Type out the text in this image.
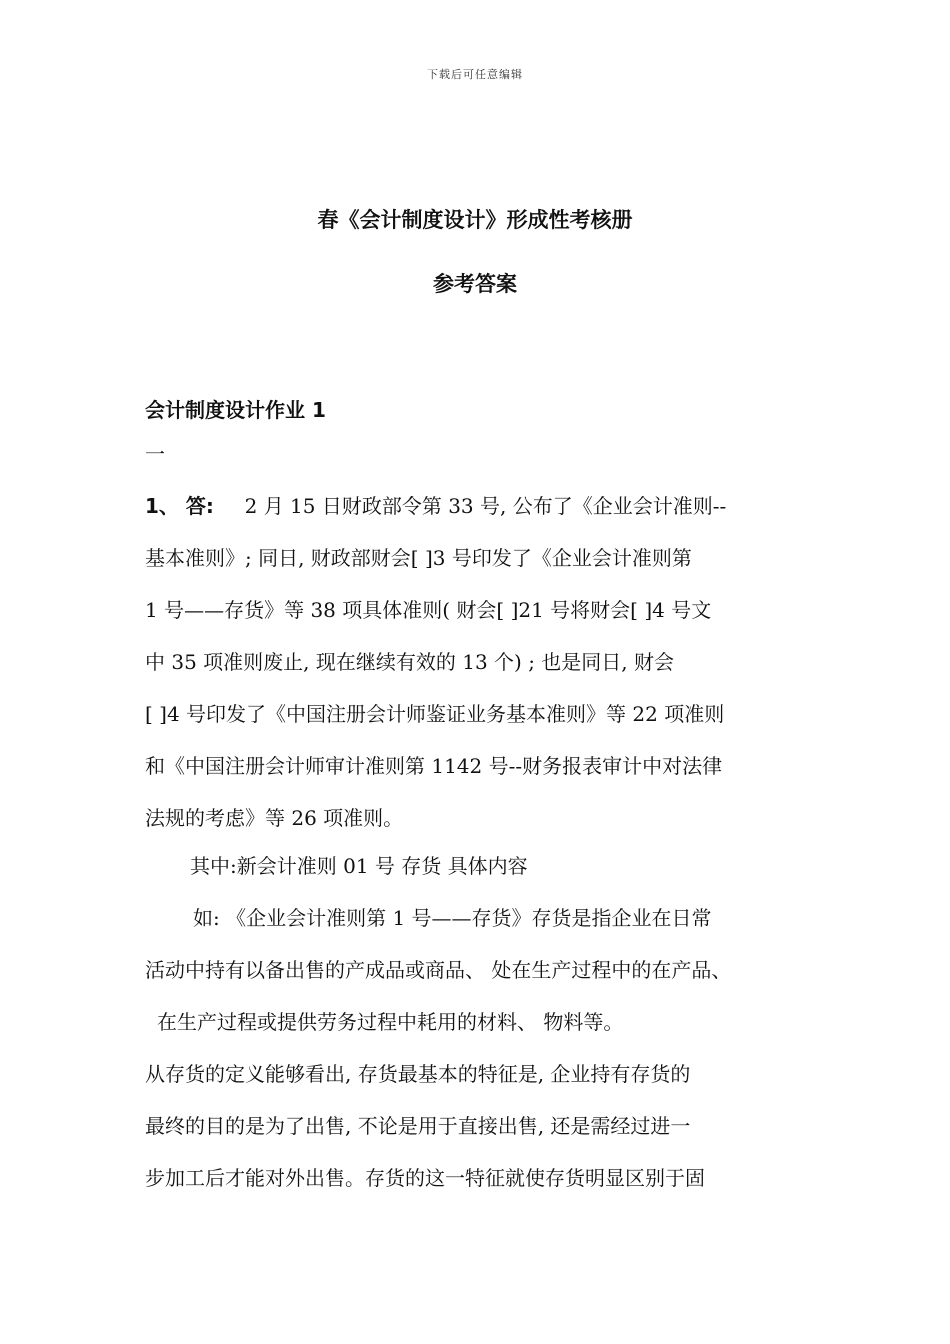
下载后可任意编辑
春《会计制度设计》形成性考核册
参考答案
会计制度设计作业 1
一
1、 答: 2 月 15 日财政部令第 33 号, 公布了《企业会计准则--
基本准则》; 同日, 财政部财会[ ]3 号印发了《企业会计准则第
1 号——存货》等 38 项具体准则( 财会[ ]21 号将财会[ ]4 号文
中 35 项准则废止, 现在继续有效的 13 个) ; 也是同日, 财会
[ ]4 号印发了《中国注册会计师鉴证业务基本准则》等 22 项准则
和《中国注册会计师审计准则第 1142 号--财务报表审计中对法律
法规的考虑》等 26 项准则。
其中:新会计准则 01 号 存货 具体内容
如: 《企业会计准则第 1 号——存货》存货是指企业在日常
活动中持有以备出售的产成品或商品、 处在生产过程中的在产品、
在生产过程或提供劳务过程中耗用的材料、 物料等。
从存货的定义能够看出, 存货最基本的特征是, 企业持有存货的
最终的目的是为了出售, 不论是用于直接出售, 还是需经过进一
步加工后才能对外出售。存货的这一特征就使存货明显区别于固
